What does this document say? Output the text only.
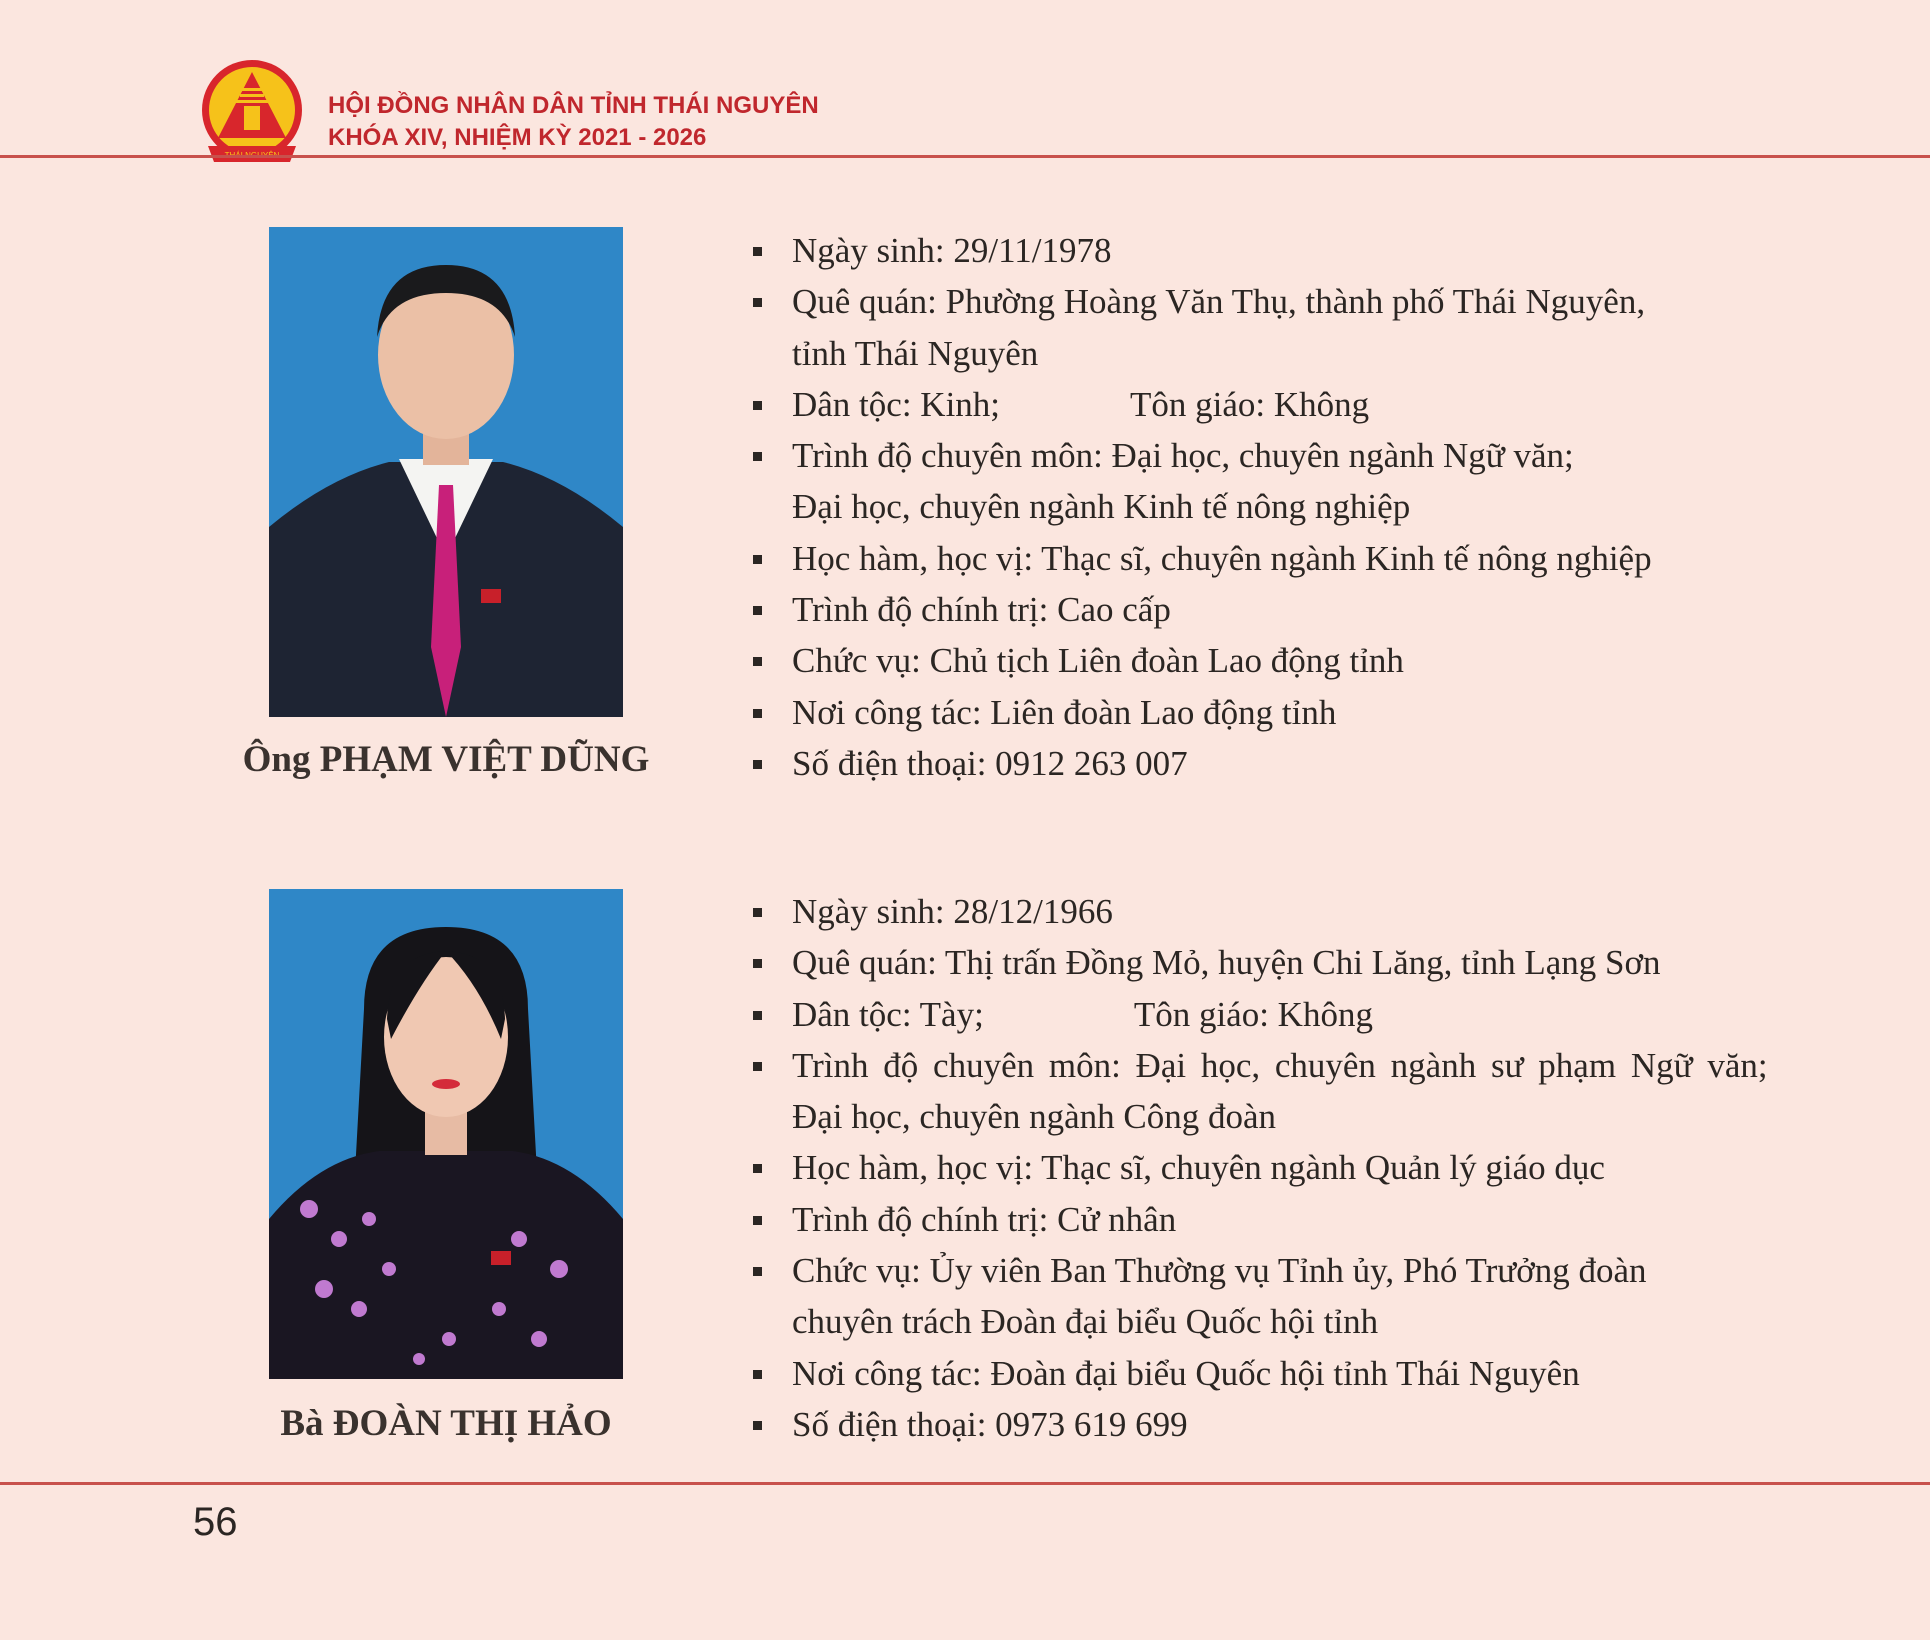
HỘI ĐỒNG NHÂN DÂN TỈNH THÁI NGUYÊN
KHÓA XIV, NHIỆM KỲ 2021 - 2026
Ông PHẠM VIỆT DŨNG
Ngày sinh: 29/11/1978
Quê quán: Phường Hoàng Văn Thụ, thành phố Thái Nguyên,
tỉnh Thái Nguyên
Dân tộc: Kinh;	Tôn giáo: Không
Trình độ chuyên môn: Đại học, chuyên ngành Ngữ văn;
Đại học, chuyên ngành Kinh tế nông nghiệp
Học hàm, học vị: Thạc sĩ, chuyên ngành Kinh tế nông nghiệp
Trình độ chính trị: Cao cấp
Chức vụ: Chủ tịch Liên đoàn Lao động tỉnh
Nơi công tác: Liên đoàn Lao động tỉnh
Số điện thoại: 0912 263 007
Bà ĐOÀN THỊ HẢO
Ngày sinh: 28/12/1966
Quê quán: Thị trấn Đồng Mỏ, huyện Chi Lăng, tỉnh Lạng Sơn
Dân tộc: Tày;	Tôn giáo: Không
Trình độ chuyên môn: Đại học, chuyên ngành sư phạm Ngữ văn;
Đại học, chuyên ngành Công đoàn
Học hàm, học vị: Thạc sĩ, chuyên ngành Quản lý giáo dục
Trình độ chính trị: Cử nhân
Chức vụ: Ủy viên Ban Thường vụ Tỉnh ủy, Phó Trưởng đoàn
chuyên trách Đoàn đại biểu Quốc hội tỉnh
Nơi công tác: Đoàn đại biểu Quốc hội tỉnh Thái Nguyên
Số điện thoại: 0973 619 699
56
